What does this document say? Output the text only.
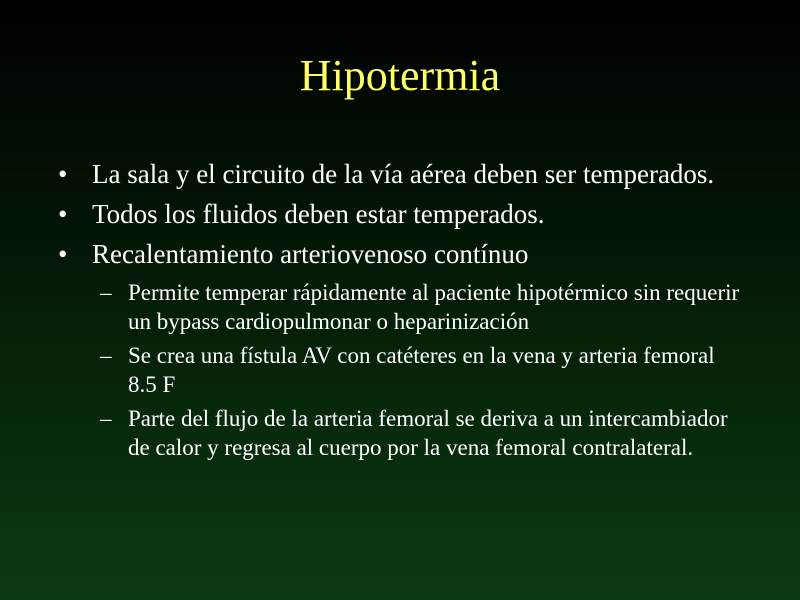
Hipotermia
• La sala y el circuito de la vía aérea deben ser temperados.
• Todos los fluidos deben estar temperados.
• Recalentamiento arteriovenoso contínuo
– Permite temperar rápidamente al paciente hipotérmico sin requerir un bypass cardiopulmonar o heparinización
– Se crea una fístula AV con catéteres en la vena y arteria femoral 8.5 F
– Parte del flujo de la arteria femoral se deriva a un intercambiador de calor y regresa al cuerpo por la vena femoral contralateral.
